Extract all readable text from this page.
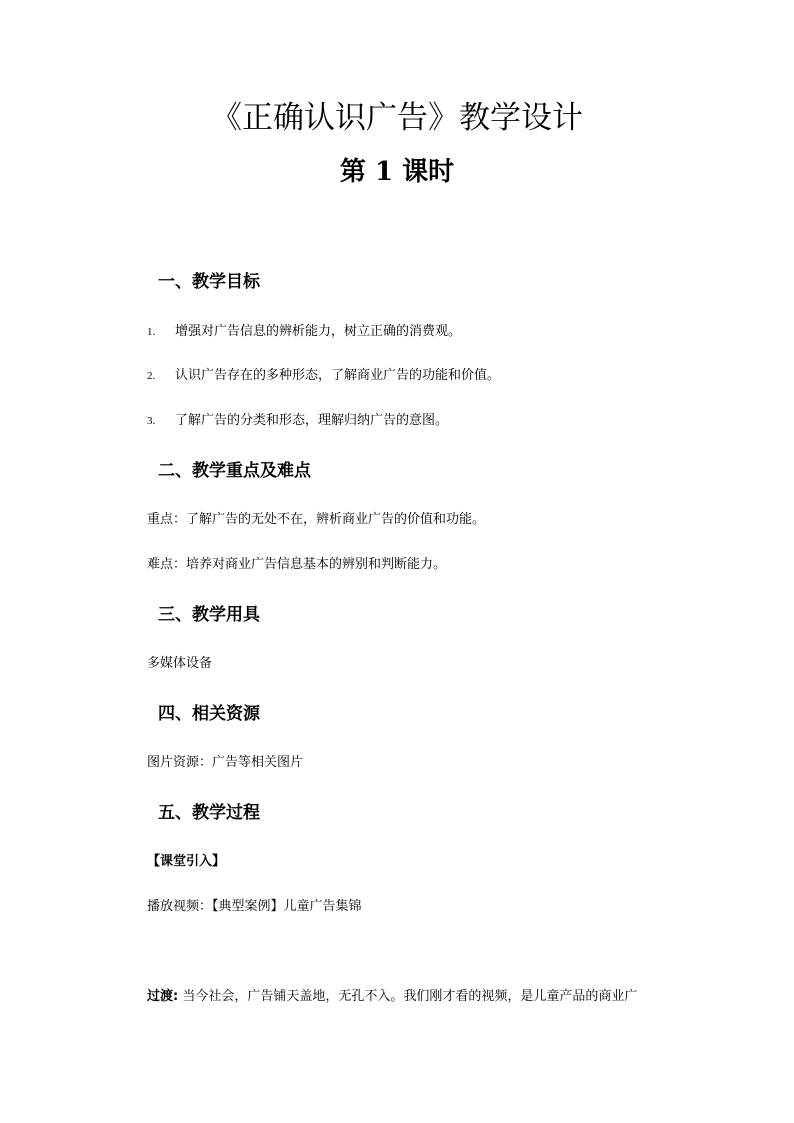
《正确认识广告》教学设计
第 1 课时
一、教学目标
1. 增强对广告信息的辨析能力，树立正确的消费观。
2. 认识广告存在的多种形态，了解商业广告的功能和价值。
3. 了解广告的分类和形态，理解归纳广告的意图。
二、教学重点及难点
重点：了解广告的无处不在，辨析商业广告的价值和功能。
难点：培养对商业广告信息基本的辨别和判断能力。
三、教学用具
多媒体设备
四、相关资源
图片资源：广告等相关图片
五、教学过程
【课堂引入】
播放视频：【典型案例】儿童广告集锦
过渡: 当今社会，广告铺天盖地，无孔不入。我们刚才看的视频，是儿童产品的商业广
